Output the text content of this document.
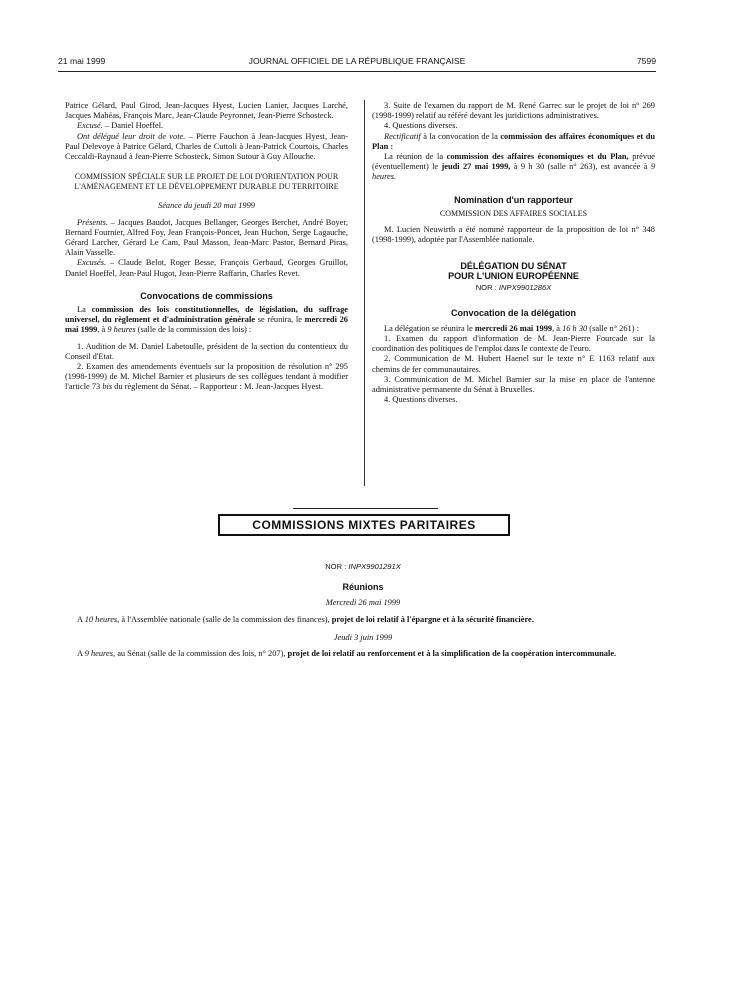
21 mai 1999	JOURNAL OFFICIEL DE LA RÉPUBLIQUE FRANÇAISE	7599

Patrice Gélard, Paul Girod, Jean-Jacques Hyest, Lucien Lanier, Jacques Larché, Jacques Mahéas, François Marc, Jean-Claude Peyronnet, Jean-Pierre Schosteck.

Excusé. – Daniel Hoeffel.

Ont délégué leur droit de vote. – Pierre Fauchon à Jean-Jacques Hyest, Jean-Paul Delevoye à Patrice Gélard, Charles de Cuttoli à Jean-Patrick Courtois, Charles Ceccaldi-Raynaud à Jean-Pierre Schosteck, Simon Sutour à Guy Allouche.

COMMISSION SPÉCIALE SUR LE PROJET DE LOI D'ORIENTATION POUR L'AMÉNAGEMENT ET LE DÉVELOPPEMENT DURABLE DU TERRITOIRE

Séance du jeudi 20 mai 1999

Présents. – Jacques Baudot, Jacques Bellanger, Georges Berchet, André Boyer, Bernard Fournier, Alfred Foy, Jean François-Poncet, Jean Huchon, Serge Lagauche, Gérard Larcher, Gérard Le Cam, Paul Masson, Jean-Marc Pastor, Bernard Piras, Alain Vasselle.

Excusés. – Claude Belot, Roger Besse, François Gerbaud, Georges Gruillot, Daniel Hoeffel, Jean-Paul Hugot, Jean-Pierre Raffarin, Charles Revet.

Convocations de commissions

La commission des lois constitutionnelles, de législation, du suffrage universel, du règlement et d'administration générale se réunira, le mercredi 26 mai 1999, à 9 heures (salle de la commission des lois) :

1. Audition de M. Daniel Labetoulle, président de la section du contentieux du Conseil d'Etat.

2. Examen des amendements éventuels sur la proposition de résolution n° 295 (1998-1999) de M. Michel Barnier et plusieurs de ses collègues tendant à modifier l'article 73 bis du règlement du Sénat. – Rapporteur : M. Jean-Jacques Hyest.

3. Suite de l'examen du rapport de M. René Garrec sur le projet de loi n° 269 (1998-1999) relatif au référé devant les juridictions administratives.

4. Questions diverses.

Rectificatif à la convocation de la commission des affaires économiques et du Plan :

La réunion de la commission des affaires économiques et du Plan, prévue (éventuellement) le jeudi 27 mai 1999, à 9 h 30 (salle n° 263), est avancée à 9 heures.

Nomination d'un rapporteur

COMMISSION DES AFFAIRES SOCIALES

M. Lucien Neuwirth a été nommé rapporteur de la proposition de loi n° 348 (1998-1999), adoptée par l'Assemblée nationale.

DÉLÉGATION DU SÉNAT

POUR L'UNION EUROPÉENNE

NOR : INPX9901286X

Convocation de la délégation

La délégation se réunira le mercredi 26 mai 1999, à 16 h 30 (salle n° 261) :

1. Examen du rapport d'information de M. Jean-Pierre Fourcade sur la coordination des politiques de l'emploi dans le contexte de l'euro.

2. Communication de M. Hubert Haenel sur le texte n° E 1163 relatif aux chemins de fer communautaires.

3. Communication de M. Michel Barnier sur la mise en place de l'antenne administrative permanente du Sénat à Bruxelles.

4. Questions diverses.

COMMISSIONS MIXTES PARITAIRES

NOR : INPX9901291X

Réunions

Mercredi 26 mai 1999

A 10 heures, à l'Assemblée nationale (salle de la commission des finances), projet de loi relatif à l'épargne et à la sécurité financière.

Jeudi 3 juin 1999

A 9 heures, au Sénat (salle de la commission des lois, n° 207), projet de loi relatif au renforcement et à la simplification de la coopération intercommunale.
